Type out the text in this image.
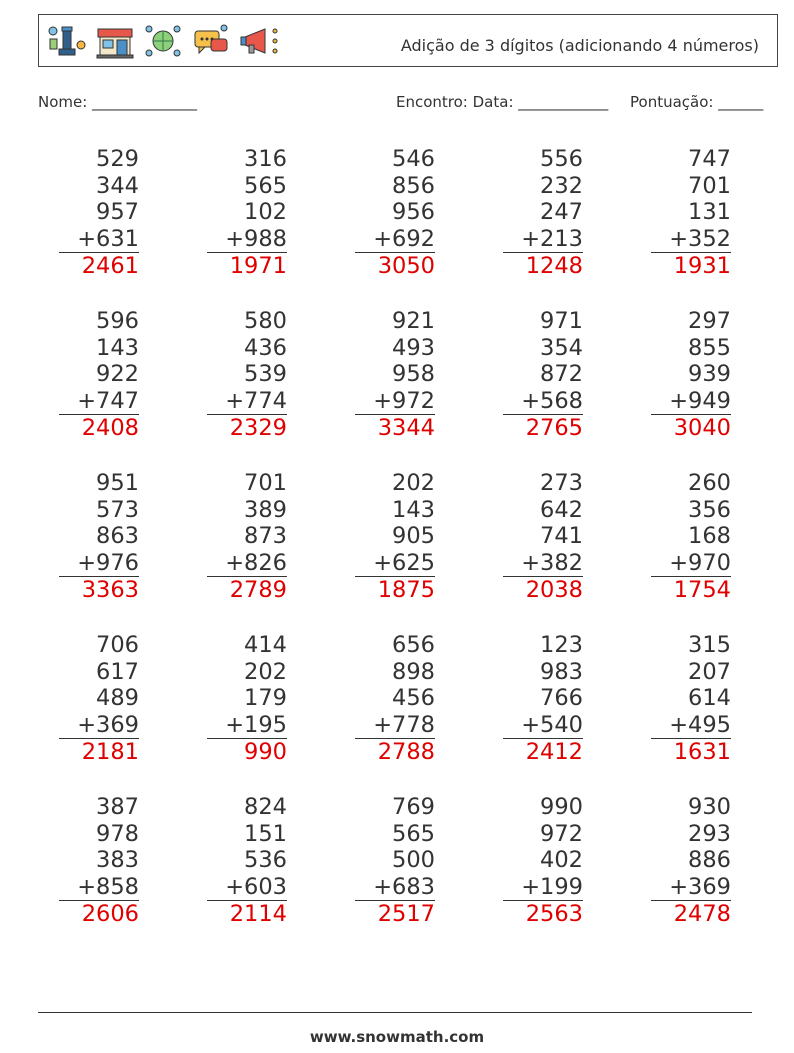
Adição de 3 dígitos (adicionando 4 números)
Nome: ______________	Encontro: Data: ____________ Pontuação: ______
529
344
957
+631
2461
316
565
102
+988
1971
546
856
956
+692
3050
556
232
247
+213
1248
747
701
131
+352
1931
596
143
922
+747
2408
580
436
539
+774
2329
921
493
958
+972
3344
971
354
872
+568
2765
297
855
939
+949
3040
951
573
863
+976
3363
701
389
873
+826
2789
202
143
905
+625
1875
273
642
741
+382
2038
260
356
168
+970
1754
706
617
489
+369
2181
414
202
179
+195
990
656
898
456
+778
2788
123
983
766
+540
2412
315
207
614
+495
1631
387
978
383
+858
2606
824
151
536
+603
2114
769
565
500
+683
2517
990
972
402
+199
2563
930
293
886
+369
2478
www.snowmath.com
